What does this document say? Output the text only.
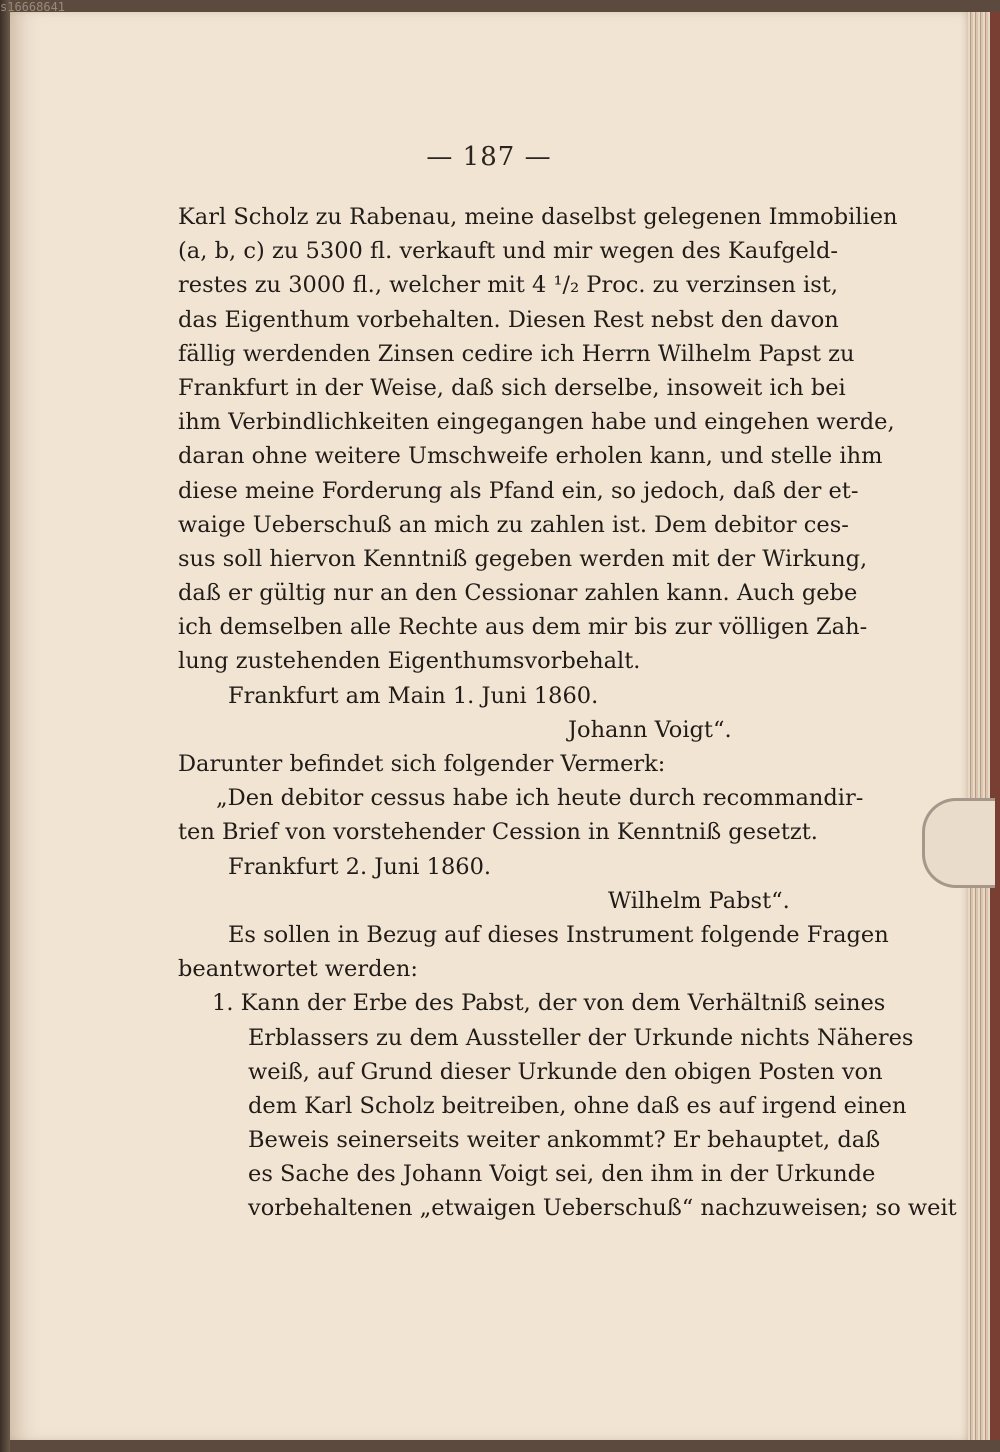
— 187 —
Karl Scholz zu Rabenau, meine daselbst gelegenen Immobilien
(a, b, c) zu 5300 fl. verkauft und mir wegen des Kaufgeld-
restes zu 3000 fl., welcher mit 4 ¹/₂ Proc. zu verzinsen ist,
das Eigenthum vorbehalten. Diesen Rest nebst den davon
fällig werdenden Zinsen cedire ich Herrn Wilhelm Papst zu
Frankfurt in der Weise, daß sich derselbe, insoweit ich bei
ihm Verbindlichkeiten eingegangen habe und eingehen werde,
daran ohne weitere Umschweife erholen kann, und stelle ihm
diese meine Forderung als Pfand ein, so jedoch, daß der et-
waige Ueberschuß an mich zu zahlen ist. Dem debitor ces-
sus soll hiervon Kenntniß gegeben werden mit der Wirkung,
daß er gültig nur an den Cessionar zahlen kann. Auch gebe
ich demselben alle Rechte aus dem mir bis zur völligen Zah-
lung zustehenden Eigenthumsvorbehalt.
Frankfurt am Main 1. Juni 1860.
Johann Voigt“.
Darunter befindet sich folgender Vermerk:
„Den debitor cessus habe ich heute durch recommandir-
ten Brief von vorstehender Cession in Kenntniß gesetzt.
Frankfurt 2. Juni 1860.
Wilhelm Pabst“.
Es sollen in Bezug auf dieses Instrument folgende Fragen
beantwortet werden:
1. Kann der Erbe des Pabst, der von dem Verhältniß seines
Erblassers zu dem Aussteller der Urkunde nichts Näheres
weiß, auf Grund dieser Urkunde den obigen Posten von
dem Karl Scholz beitreiben, ohne daß es auf irgend einen
Beweis seinerseits weiter ankommt? Er behauptet, daß
es Sache des Johann Voigt sei, den ihm in der Urkunde
vorbehaltenen „etwaigen Ueberschuß“ nachzuweisen; so weit
s16668641
